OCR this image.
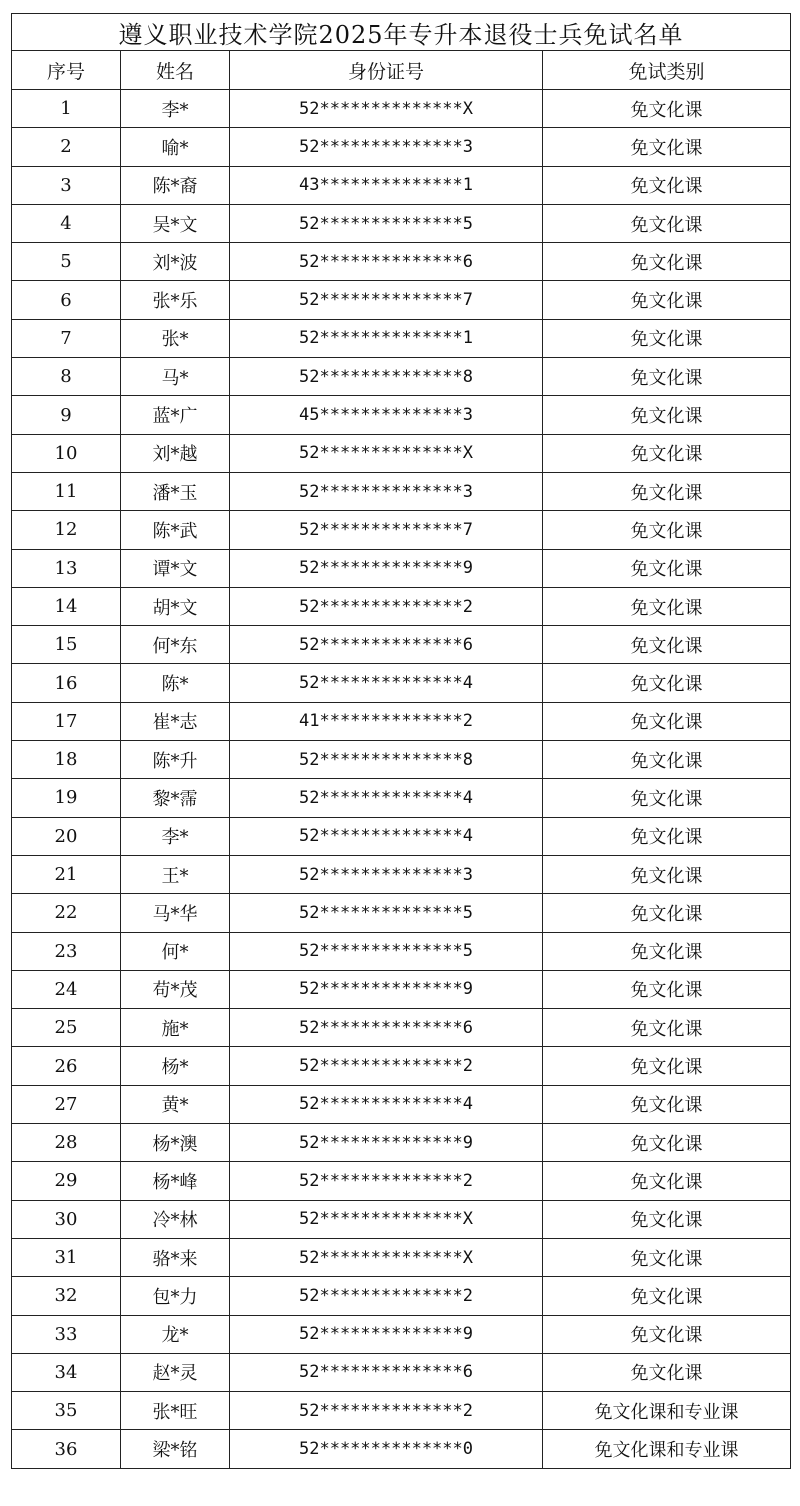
遵义职业技术学院2025年专升本退役士兵免试名单			
序号	姓名	身份证号	免试类别
1	李*	52**************X	免文化课
2	喻*	52**************3	免文化课
3	陈*裔	43**************1	免文化课
4	吴*文	52**************5	免文化课
5	刘*波	52**************6	免文化课
6	张*乐	52**************7	免文化课
7	张*	52**************1	免文化课
8	马*	52**************8	免文化课
9	蓝*广	45**************3	免文化课
10	刘*越	52**************X	免文化课
11	潘*玉	52**************3	免文化课
12	陈*武	52**************7	免文化课
13	谭*文	52**************9	免文化课
14	胡*文	52**************2	免文化课
15	何*东	52**************6	免文化课
16	陈*	52**************4	免文化课
17	崔*志	41**************2	免文化课
18	陈*升	52**************8	免文化课
19	黎*霈	52**************4	免文化课
20	李*	52**************4	免文化课
21	王*	52**************3	免文化课
22	马*华	52**************5	免文化课
23	何*	52**************5	免文化课
24	苟*茂	52**************9	免文化课
25	施*	52**************6	免文化课
26	杨*	52**************2	免文化课
27	黄*	52**************4	免文化课
28	杨*澳	52**************9	免文化课
29	杨*峰	52**************2	免文化课
30	冷*林	52**************X	免文化课
31	骆*来	52**************X	免文化课
32	包*力	52**************2	免文化课
33	龙*	52**************9	免文化课
34	赵*灵	52**************6	免文化课
35	张*旺	52**************2	免文化课和专业课
36	梁*铭	52**************0	免文化课和专业课
